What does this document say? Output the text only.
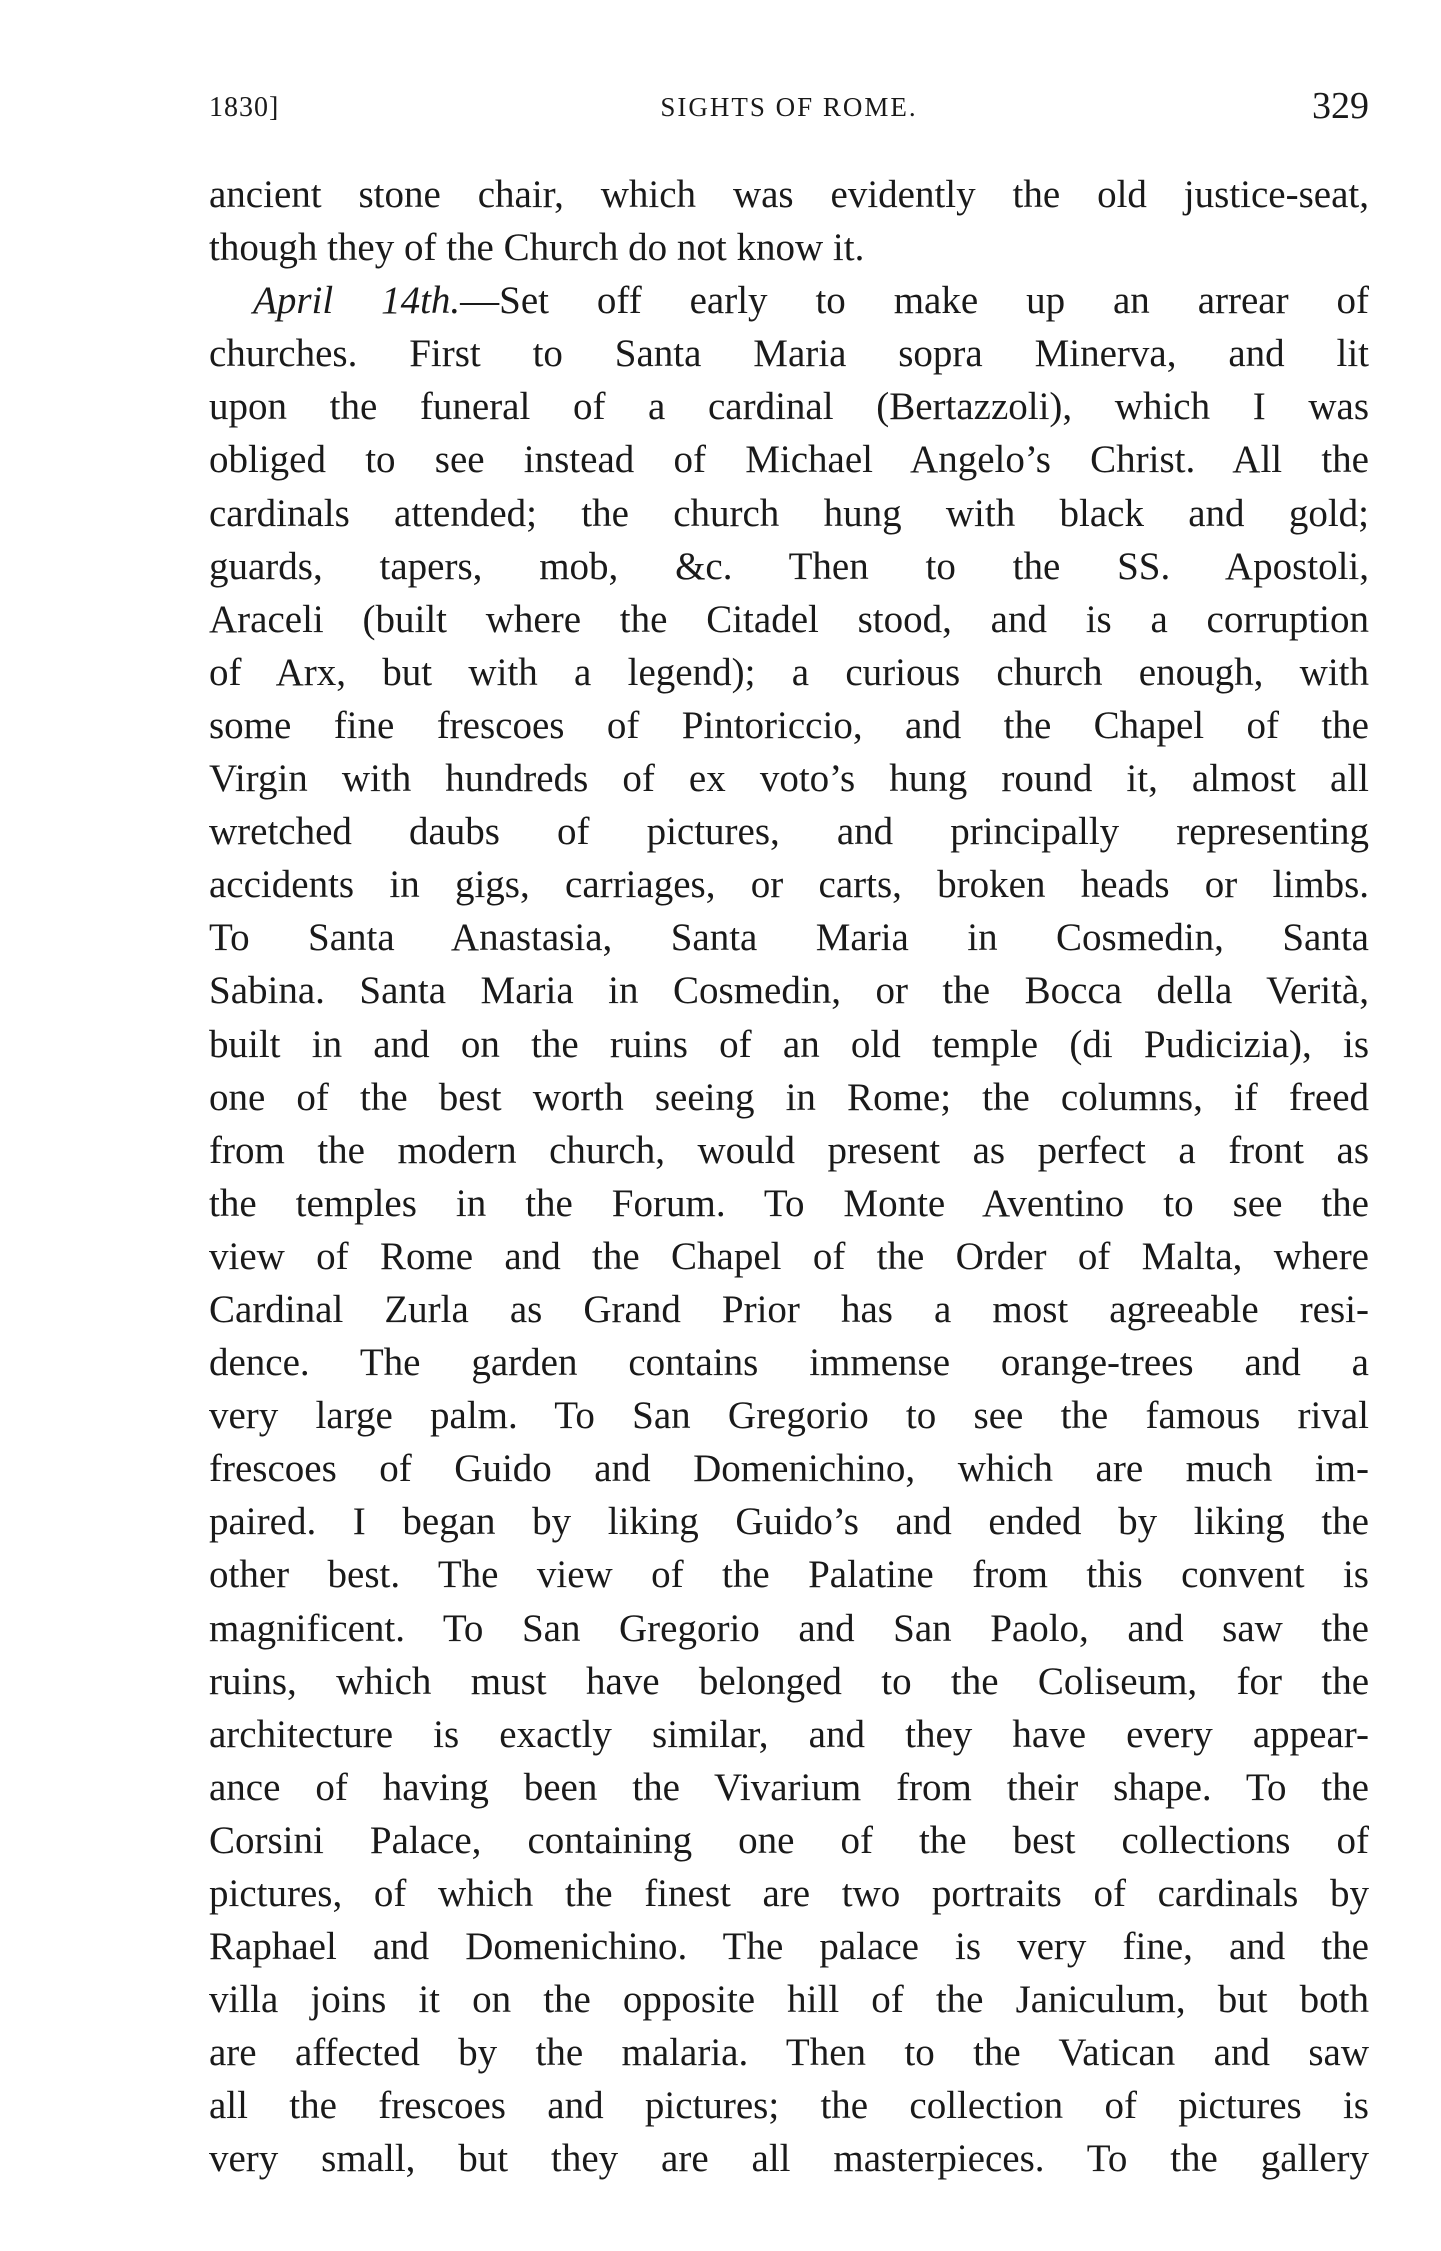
1830]	SIGHTS OF ROME.	329
ancient stone chair, which was evidently the old justice-seat,
though they of the Church do not know it.
April 14th.—Set off early to make up an arrear of
churches. First to Santa Maria sopra Minerva, and lit
upon the funeral of a cardinal (Bertazzoli), which I was
obliged to see instead of Michael Angelo’s Christ. All the
cardinals attended; the church hung with black and gold;
guards, tapers, mob, &c. Then to the SS. Apostoli,
Araceli (built where the Citadel stood, and is a corruption
of Arx, but with a legend); a curious church enough, with
some fine frescoes of Pintoriccio, and the Chapel of the
Virgin with hundreds of ex voto’s hung round it, almost all
wretched daubs of pictures, and principally representing
accidents in gigs, carriages, or carts, broken heads or limbs.
To Santa Anastasia, Santa Maria in Cosmedin, Santa
Sabina. Santa Maria in Cosmedin, or the Bocca della Verità,
built in and on the ruins of an old temple (di Pudicizia), is
one of the best worth seeing in Rome; the columns, if freed
from the modern church, would present as perfect a front as
the temples in the Forum. To Monte Aventino to see the
view of Rome and the Chapel of the Order of Malta, where
Cardinal Zurla as Grand Prior has a most agreeable resi-
dence. The garden contains immense orange-trees and a
very large palm. To San Gregorio to see the famous rival
frescoes of Guido and Domenichino, which are much im-
paired. I began by liking Guido’s and ended by liking the
other best. The view of the Palatine from this convent is
magnificent. To San Gregorio and San Paolo, and saw the
ruins, which must have belonged to the Coliseum, for the
architecture is exactly similar, and they have every appear-
ance of having been the Vivarium from their shape. To the
Corsini Palace, containing one of the best collections of
pictures, of which the finest are two portraits of cardinals by
Raphael and Domenichino. The palace is very fine, and the
villa joins it on the opposite hill of the Janiculum, but both
are affected by the malaria. Then to the Vatican and saw
all the frescoes and pictures; the collection of pictures is
very small, but they are all masterpieces. To the gallery
